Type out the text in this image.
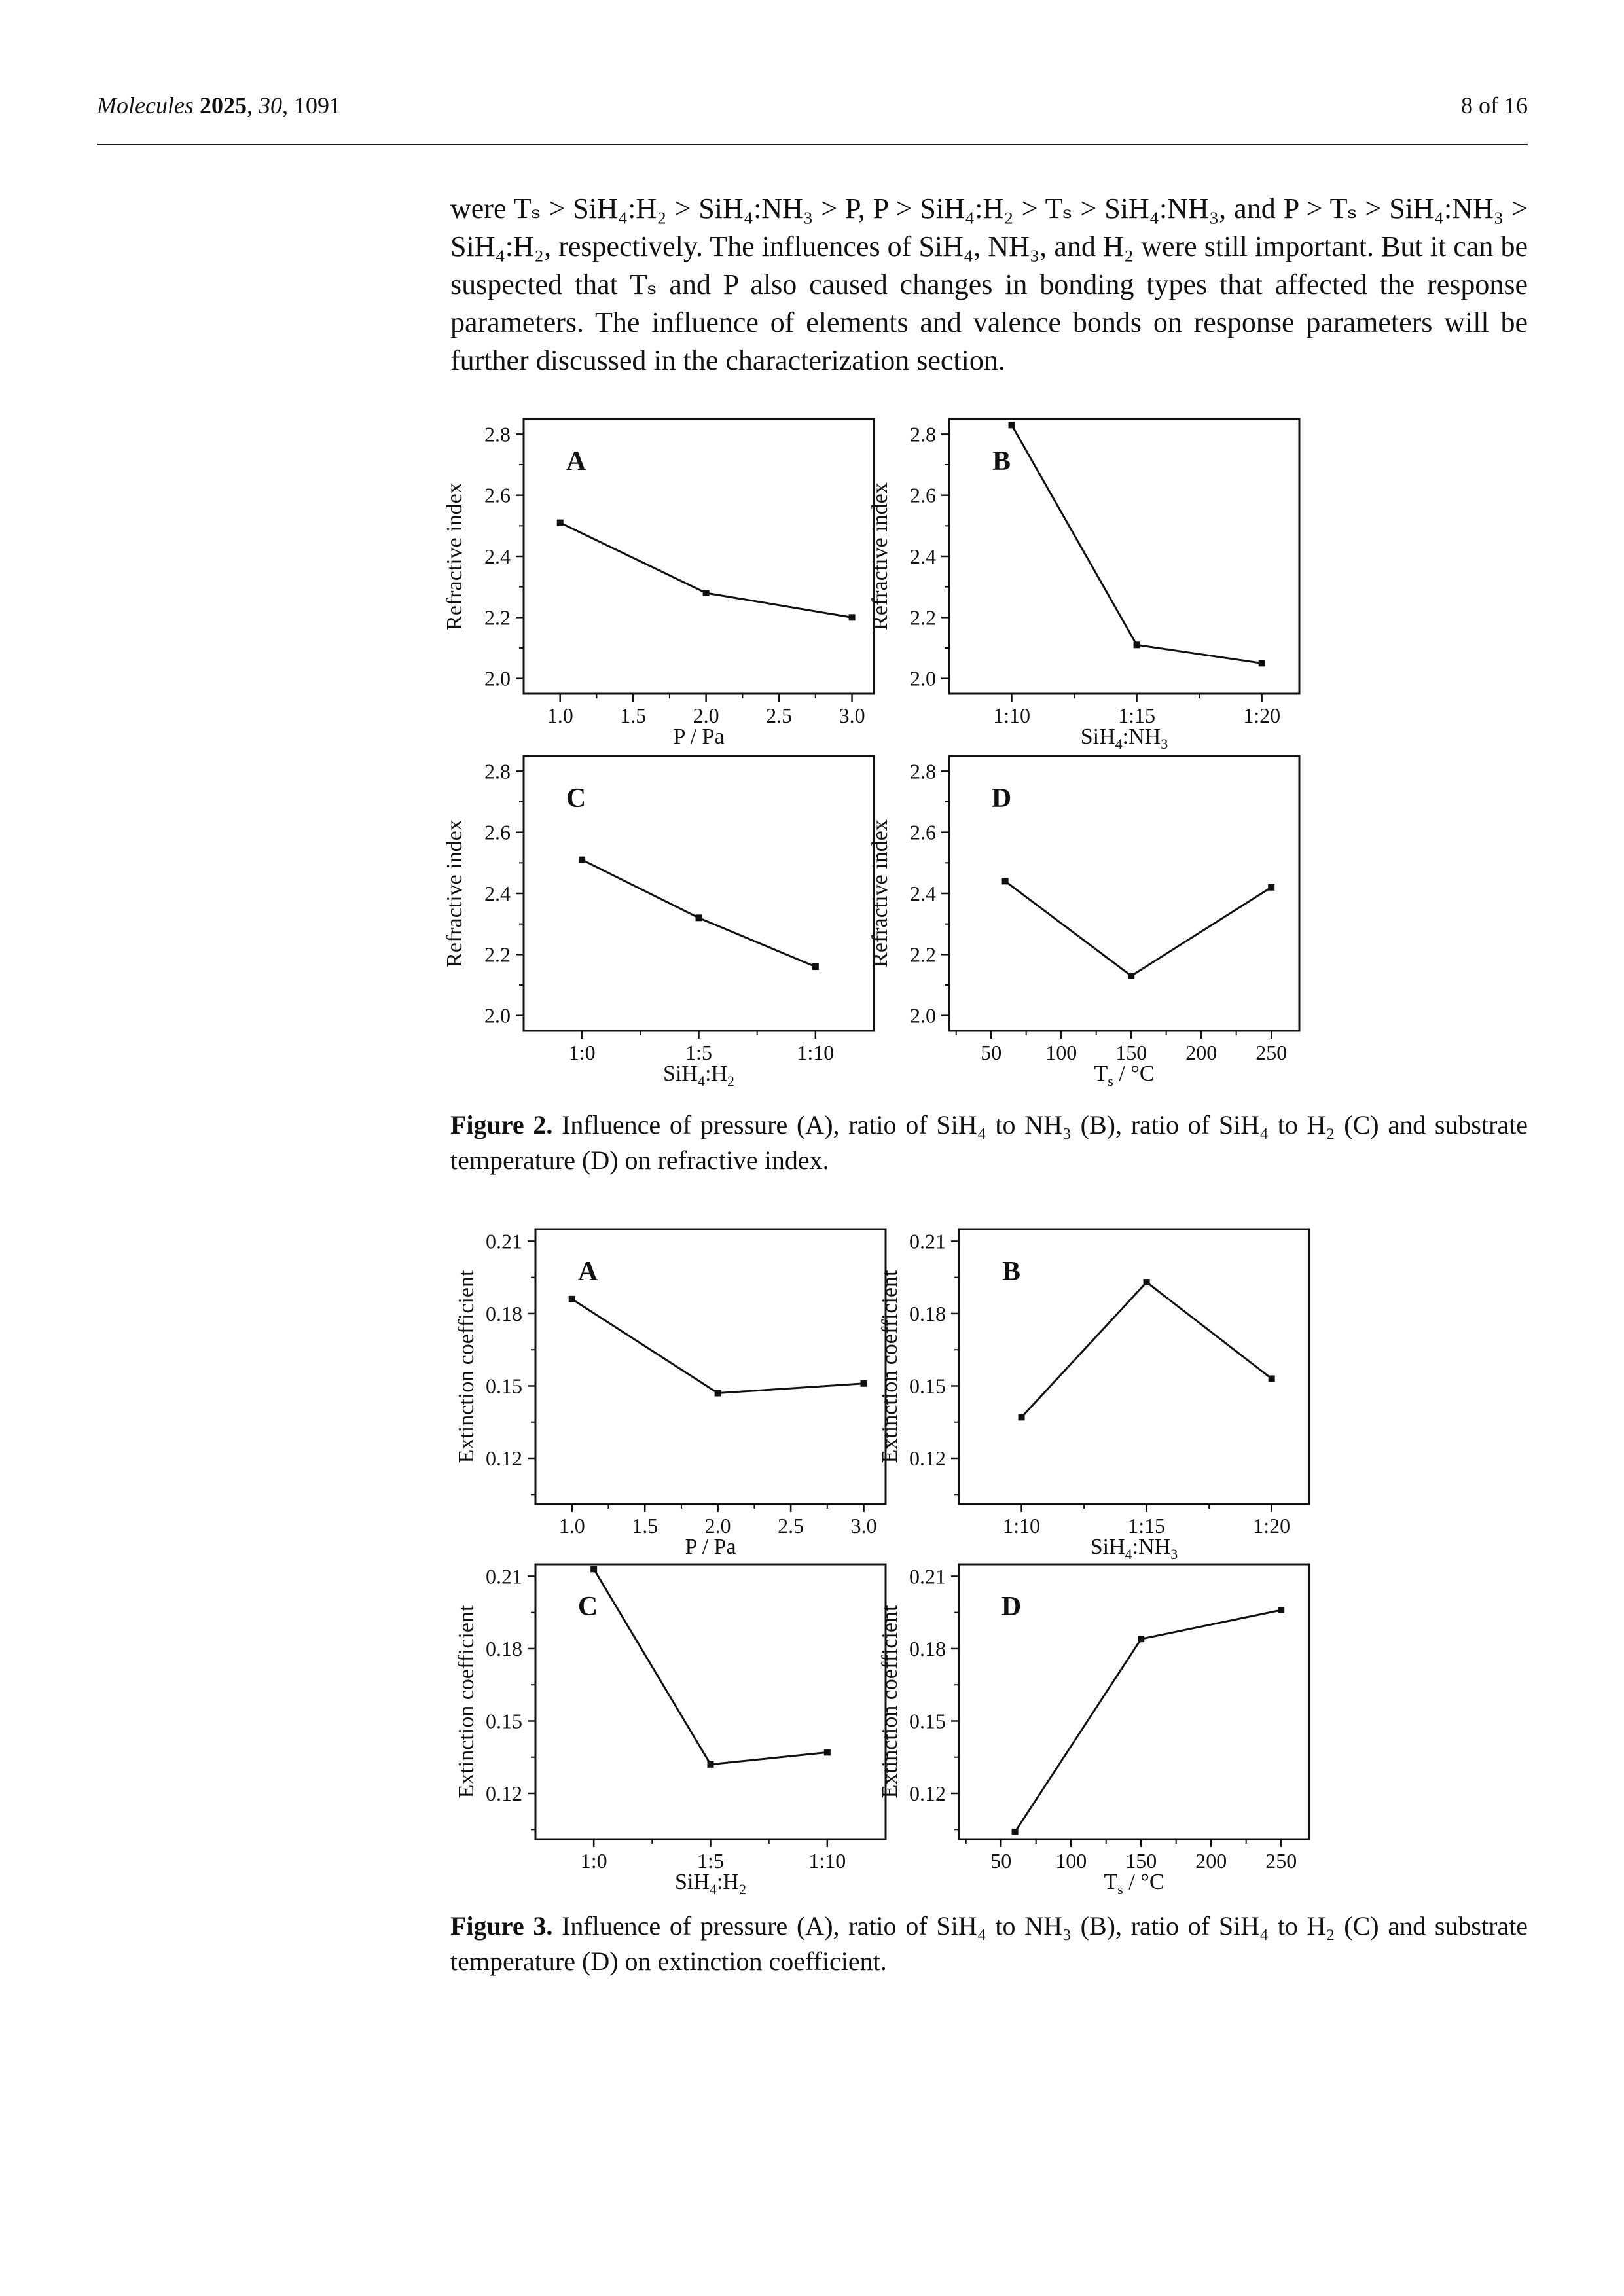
Molecules 2025, 30, 1091	8 of 16

were Tₛ > SiH₄:H₂ > SiH₄:NH₃ > P, P > SiH₄:H₂ > Tₛ > SiH₄:NH₃, and P > Tₛ > SiH₄:NH₃ > SiH₄:H₂, respectively. The influences of SiH₄, NH₃, and H₂ were still important. But it can be suspected that Tₛ and P also caused changes in bonding types that affected the response parameters. The influence of elements and valence bonds on response parameters will be further discussed in the characterization section.

2.0
2.2
2.4
2.6
2.8
1.0 1.5 2.0 2.5 3.0
P / Pa
Refractive index
A
2.0
2.2
2.4
2.6
2.8
1:10	1:15	1:20
$SiH_4:NH_3$
Refractive index
B
2.0
2.2
2.4
2.6
2.8
1:0	1:5	1:10
$SiH_4:H_2$
Refractive index
C
2.0
2.2
2.4
2.6
2.8
50 100 150 200 250
$T_s / ^\circ C$
Refractive index
D
Figure 2. Influence of pressure (A), ratio of SiH₄ to NH₃ (B), ratio of SiH₄ to H₂ (C) and substrate temperature (D) on refractive index.
0.12
0.15
0.18
0.21
1.0 1.5 2.0 2.5 3.0
P / Pa
Extinction coefficient	A
0.12
0.15
0.18
0.21
1:10	1:15	1:20
$SiH_4:NH_3$
Extinction coefficient	B
0.12
0.15
0.18
0.21
1:0	1:5	1:10
$SiH_4:H_2$
Extinction coefficient	C
0.12
0.15
0.18
0.21
50 100 150 200 250
$T_s / ^\circ C$
Extinction coefficient	D
Figure 3. Influence of pressure (A), ratio of SiH₄ to NH₃ (B), ratio of SiH₄ to H₂ (C) and substrate temperature (D) on extinction coefficient.
